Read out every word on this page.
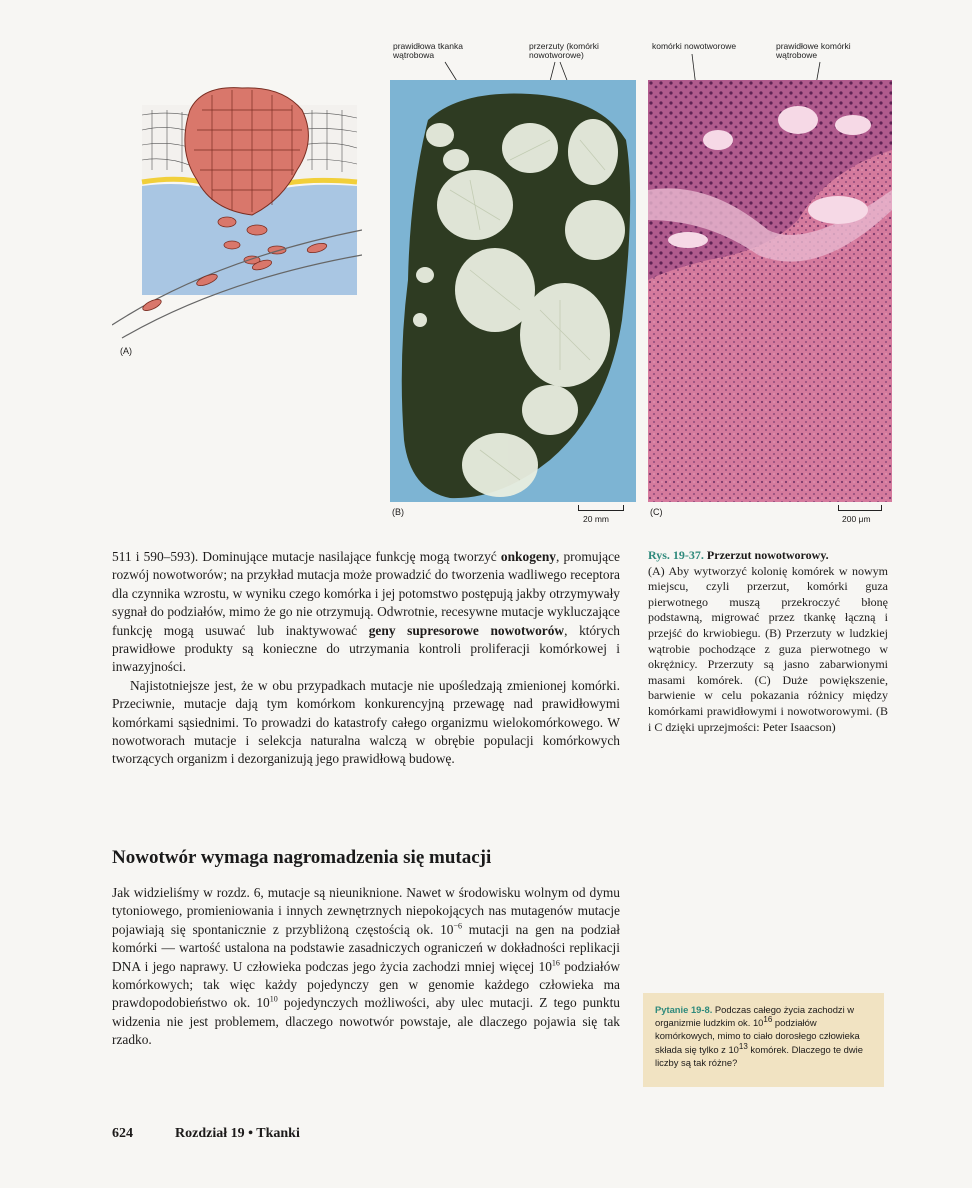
(A)
prawidłowa tkanka wątrobowa
przerzuty (komórki nowotworowe)
komórki nowotworowe	prawidłowe komórki wątrobowe
(B)
20 mm
(C)
200 μm

511 i 590–593). Dominujące mutacje nasilające funkcję mogą tworzyć onkogeny, promujące rozwój nowotworów; na przykład mutacja może prowadzić do tworzenia wadliwego receptora dla czynnika wzrostu, w wyniku czego komórka i jej potomstwo postępują jakby otrzymywały sygnał do podziałów, mimo że go nie otrzymują. Odwrotnie, recesywne mutacje wykluczające funkcję mogą usuwać lub inaktywować geny supresorowe nowotworów, których prawidłowe produkty są konieczne do utrzymania kontroli proliferacji komórkowej i inwazyjności.

Najistotniejsze jest, że w obu przypadkach mutacje nie upośledzają zmienionej komórki. Przeciwnie, mutacje dają tym komórkom konkurencyjną przewagę nad prawidłowymi komórkami sąsiednimi. To prowadzi do katastrofy całego organizmu wielokomórkowego. W nowotworach mutacje i selekcja naturalna walczą w obrębie populacji komórkowych tworzących organizm i dezorganizują jego prawidłową budowę.

Nowotwór wymaga nagromadzenia się mutacji

Jak widzieliśmy w rozdz. 6, mutacje są nieuniknione. Nawet w środowisku wolnym od dymu tytoniowego, promieniowania i innych zewnętrznych niepokojących nas mutagenów mutacje pojawiają się spontanicznie z przybliżoną częstością ok. $10^{-6}$ mutacji na gen na podział komórki — wartość ustalona na podstawie zasadniczych ograniczeń w dokładności replikacji DNA i jego naprawy. U człowieka podczas jego życia zachodzi mniej więcej $10^{16}$ podziałów komórkowych; tak więc każdy pojedynczy gen w genomie każdego człowieka ma prawdopodobieństwo ok. $10^{10}$ pojedynczych możliwości, aby ulec mutacji. Z tego punktu widzenia nie jest problemem, dlaczego nowotwór powstaje, ale dlaczego pojawia się tak rzadko.

Rys. 19-37. Przerzut nowotworowy.
(A) Aby wytworzyć kolonię komórek w nowym miejscu, czyli przerzut, komórki guza pierwotnego muszą przekroczyć błonę podstawną, migrować przez tkankę łączną i przejść do krwiobiegu. (B) Przerzuty w ludzkiej wątrobie pochodzące z guza pierwotnego w okrężnicy. Przerzuty są jasno zabarwionymi masami komórek. (C) Duże powiększenie, barwienie w celu pokazania różnicy między komórkami prawidłowymi i nowotworowymi. (B i C dzięki uprzejmości: Peter Isaacson)
Pytanie 19-8. Podczas całego życia zachodzi w organizmie ludzkim ok. $10^{16}$ podziałów komórkowych, mimo to ciało dorosłego człowieka składa się tylko z $10^{13}$ komórek. Dlaczego te dwie liczby są tak różne?
624	Rozdział 19 • Tkanki
